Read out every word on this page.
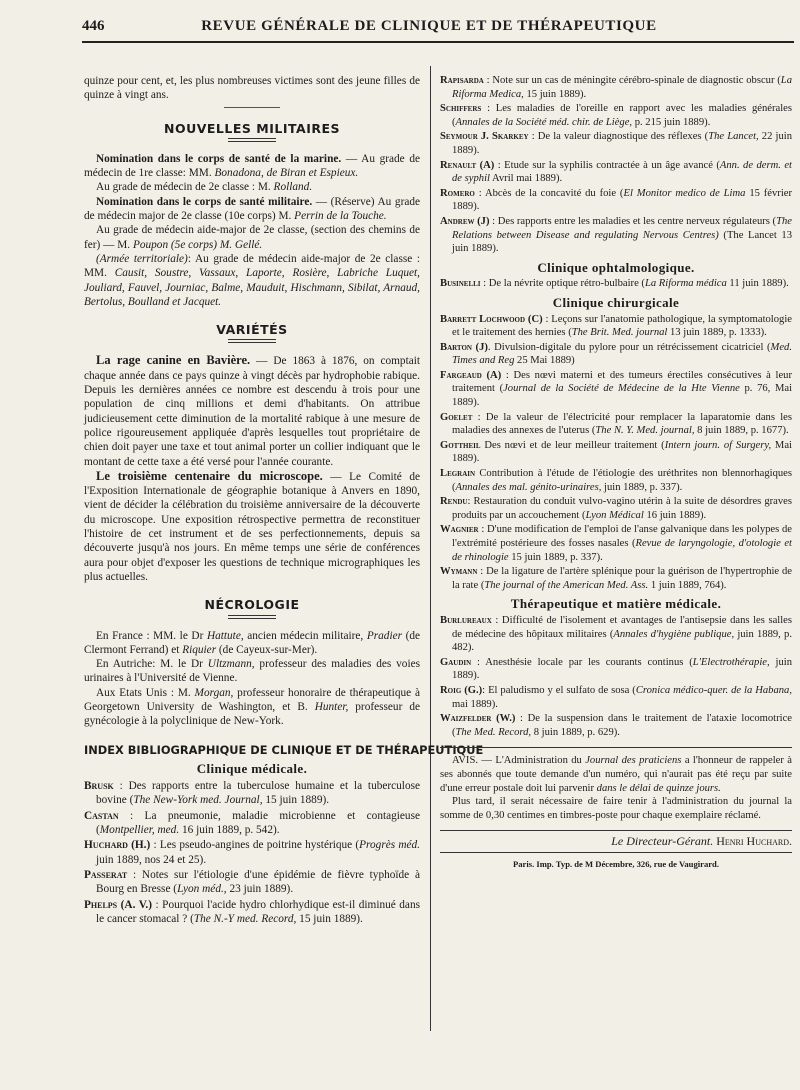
446	REVUE GÉNÉRALE DE CLINIQUE ET DE THÉRAPEUTIQUE

quinze pour cent, et, les plus nombreuses victimes sont des jeune filles de quinze à vingt ans.

NOUVELLES MILITAIRES

Nomination dans le corps de santé de la marine. — Au grade de médecin de 1re classe: MM. Bonadona, de Biran et Espieux.

Au grade de médecin de 2e classe : M. Rolland.

Nomination dans le corps de santé militaire. — (Réserve) Au grade de médecin major de 2e classe (10e corps) M. Perrin de la Touche.

Au grade de médecin aide-major de 2e classe, (section des chemins de fer) — M. Poupon (5e corps) M. Gellé.

(Armée territoriale): Au grade de médecin aide-major de 2e classe : MM. Causit, Soustre, Vassaux, Laporte, Rosière, Labriche Luquet, Jouliard, Fauvel, Journiac, Balme, Mauduit, Hischmann, Sibilat, Arnaud, Bertolus, Boulland et Jacquet.

VARIÉTÉS

La rage canine en Bavière. — De 1863 à 1876, on comptait chaque année dans ce pays quinze à vingt décès par hydrophobie rabique. Depuis les dernières années ce nombre est descendu à trois pour une population de cinq millions et demi d'habitants. On attribue judicieusement cette diminution de la mortalité rabique à une mesure de police rigoureusement appliquée d'après lesquelles tout propriétaire de chien doit payer une taxe et tout animal porter un collier indiquant que le montant de cette taxe a été versé pour l'année courante.

Le troisième centenaire du microscope. — Le Comité de l'Exposition Internationale de géographie botanique à Anvers en 1890, vient de décider la célébration du troisième anniversaire de la découverte du microscope. Une exposition rétrospective permettra de reconstituer l'histoire de cet instrument et de ses perfectionnements, depuis sa découverte jusqu'à nos jours. En même temps une série de conférences aura pour objet d'exposer les questions de technique micrographiques les plus actuelles.

NÉCROLOGIE

En France : MM. le Dr Hattute, ancien médecin militaire, Pradier (de Clermont Ferrand) et Riquier (de Cayeux-sur-Mer).

En Autriche: M. le Dr Ultzmann, professeur des maladies des voies urinaires à l'Université de Vienne.

Aux Etats Unis : M. Morgan, professeur honoraire de thérapeutique à Georgetown University de Washington, et B. Hunter, professeur de gynécologie à la polyclinique de New-York.

INDEX BIBLIOGRAPHIQUE DE CLINIQUE ET DE THÉRAPEUTIQUE
Clinique médicale.

Brusk : Des rapports entre la tuberculose humaine et la tuberculose bovine (The New-York med. Journal, 15 juin 1889).

Castan : La pneumonie, maladie microbienne et contagieuse (Montpellier, med. 16 juin 1889, p. 542).

Huchard (H.) : Les pseudo-angines de poitrine hystérique (Progrès méd. juin 1889, nos 24 et 25).

Passerat : Notes sur l'étiologie d'une épidémie de fièvre typhoïde à Bourg en Bresse (Lyon méd., 23 juin 1889).

Phelps (A. V.) : Pourquoi l'acide hydro chlorhydique est-il diminué dans le cancer stomacal ? (The N.-Y med. Record, 15 juin 1889).

Rapisarda : Note sur un cas de méningite cérébro-spinale de diagnostic obscur (La Riforma Medica, 15 juin 1889).

Schiffers : Les maladies de l'oreille en rapport avec les maladies générales (Annales de la Société méd. chir. de Liège, p. 215 juin 1889).

Seymour J. Skarkey : De la valeur diagnostique des réflexes (The Lancet, 22 juin 1889).

Renault (A) : Etude sur la syphilis contractée à un âge avancé (Ann. de derm. et de syphil Avril mai 1889).

Romero : Abcès de la concavité du foie (El Monitor medico de Lima 15 février 1889).

Andrew (J) : Des rapports entre les maladies et les centre nerveux régulateurs (The Relations between Disease and regulating Nervous Centres) (The Lancet 13 juin 1889).

Clinique ophtalmologique.

Businelli : De la névrite optique rétro-bulbaire (La Riforma médica 11 juin 1889).

Clinique chirurgicale

Barrett Lochwood (C) : Leçons sur l'anatomie pathologique, la symptomatologie et le traitement des hernies (The Brit. Med. journal 13 juin 1889, p. 1333).

Barton (J). Divulsion-digitale du pylore pour un rétrécissement cicatriciel (Med. Times and Reg 25 Mai 1889)

Fargeaud (A) : Des nœvi materni et des tumeurs érectiles consécutives à leur traitement (Journal de la Société de Médecine de la Hte Vienne p. 76, Mai 1889).

Goelet : De la valeur de l'électricité pour remplacer la laparatomie dans les maladies des annexes de l'uterus (The N. Y. Med. journal, 8 juin 1889, p. 1677).

Gottheil Des nœvi et de leur meilleur traitement (Intern journ. of Surgery, Mai 1889).

Legrain Contribution à l'étude de l'étiologie des uréthrites non blennorhagiques (Annales des mal. génito-urinaires, juin 1889, p. 337).

Rendu: Restauration du conduit vulvo-vagino utérin à la suite de désordres graves produits par un accouchement (Lyon Médical 16 juin 1889).

Wagnier : D'une modification de l'emploi de l'anse galvanique dans les polypes de l'extrémité postérieure des fosses nasales (Revue de laryngologie, d'otologie et de rhinologie 15 juin 1889, p. 337).

Wymann : De la ligature de l'artère splénique pour la guérison de l'hypertrophie de la rate (The journal of the American Med. Ass. 1 juin 1889, 764).

Thérapeutique et matière médicale.

Burlureaux : Difficulté de l'isolement et avantages de l'antisepsie dans les salles de médecine des hôpitaux militaires (Annales d'hygiène publique, juin 1889, p. 482).

Gaudin : Anesthésie locale par les courants continus (L'Electrothérapie, juin 1889).

Roig (G.): El paludismo y el sulfato de sosa (Cronica médico-quer. de la Habana, mai 1889).

Waizfelder (W.) : De la suspension dans le traitement de l'ataxie locomotrice (The Med. Record, 8 juin 1889, p. 629).

AVIS. — L'Administration du Journal des praticiens a l'honneur de rappeler à ses abonnés que toute demande d'un numéro, qui n'aurait pas été reçu par suite d'une erreur postale doit lui parvenir dans le délai de quinze jours.

Plus tard, il serait nécessaire de faire tenir à l'administration du journal la somme de 0,30 centimes en timbres-poste pour chaque exemplaire réclamé.

Le Directeur-Gérant. Henri Huchard.
Paris. Imp. Typ. de M Décembre, 326, rue de Vaugirard.
